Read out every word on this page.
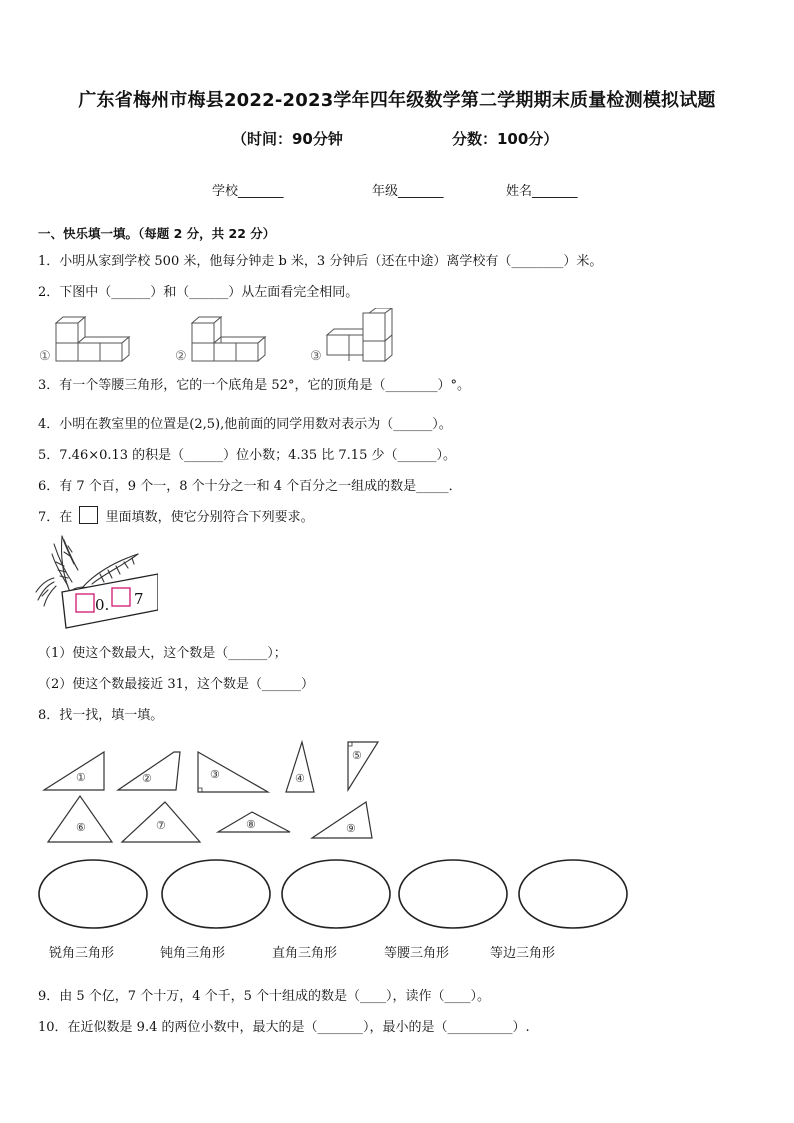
广东省梅州市梅县2022-2023学年四年级数学第二学期期末质量检测模拟试题
（时间：90分钟	分数：100分）
学校_______	年级_______	姓名_______
一、快乐填一填。（每题 2 分，共 22 分）
1．小明从家到学校 500 米，他每分钟走 b 米，3 分钟后（还在中途）离学校有（________）米。
2．下图中（______）和（______）从左面看完全相同。
①	②	③
3．有一个等腰三角形，它的一个底角是 52°，它的顶角是（________）°。
4．小明在教室里的位置是(2,5),他前面的同学用数对表示为（______）。
5．7.46×0.13 的积是（______）位小数；4.35 比 7.15 少（______）。
6．有 7 个百，9 个一，8 个十分之一和 4 个百分之一组成的数是_____．
7．在	里面填数，使它分别符合下列要求。
0. 7
（1）使这个数最大，这个数是（______）；
（2）使这个数最接近 31，这个数是（______）
8．找一找，填一填。
①	②	③	④
⑤
⑥	⑦	⑧	⑨
锐角三角形	钝角三角形	直角三角形	等腰三角形	等边三角形
9．由 5 个亿，7 个十万，4 个千，5 个十组成的数是（____），读作（____）。
10．在近似数是 9.4 的两位小数中，最大的是（_______），最小的是（__________）.
